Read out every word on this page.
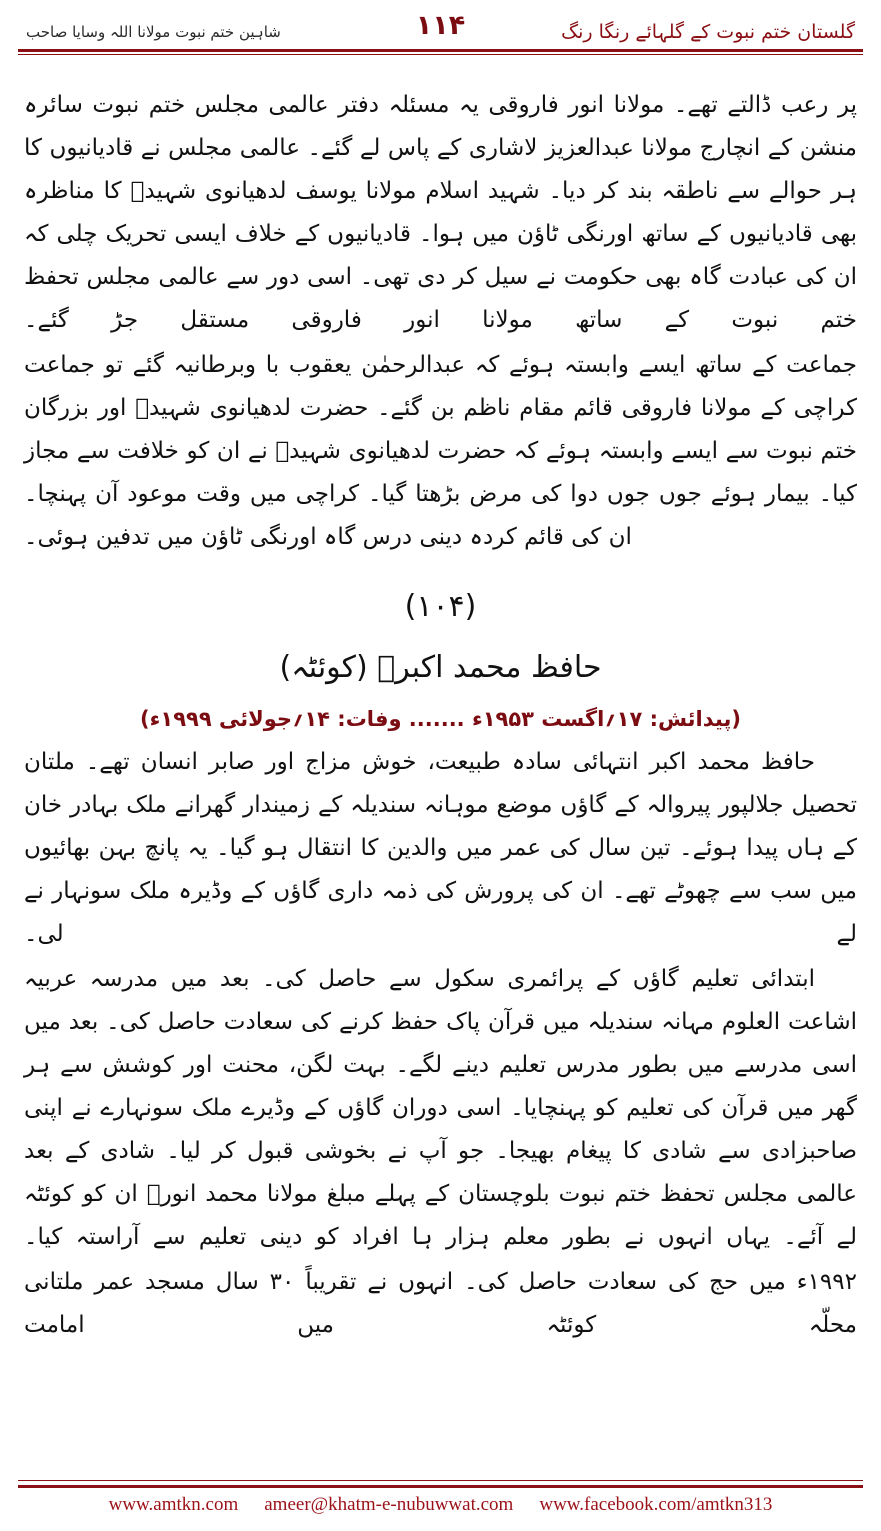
گلستان ختم نبوت کے گلہائے رنگا رنگ
شاہین ختم نبوت مولانا اللہ وسایا صاحب	۱۱۴

پر رعب ڈالتے تھے۔ مولانا انور فاروقی یہ مسئلہ دفتر عالمی مجلس ختم نبوت سائرہ منشن کے انچارج مولانا عبدالعزیز لاشاری کے پاس لے گئے۔ عالمی مجلس نے قادیانیوں کا ہر حوالے سے ناطقہ بند کر دیا۔ شہید اسلام مولانا یوسف لدھیانوی شہیدؒ کا مناظرہ بھی قادیانیوں کے ساتھ اورنگی ٹاؤن میں ہوا۔ قادیانیوں کے خلاف ایسی تحریک چلی کہ ان کی عبادت گاہ بھی حکومت نے سیل کر دی تھی۔ اسی دور سے عالمی مجلس تحفظ ختم نبوت کے ساتھ مولانا انور فاروقی مستقل جڑ گئے۔

جماعت کے ساتھ ایسے وابستہ ہوئے کہ عبدالرحمٰن یعقوب با وبرطانیہ گئے تو جماعت کراچی کے مولانا فاروقی قائم مقام ناظم بن گئے۔ حضرت لدھیانوی شہیدؒ اور بزرگان ختم نبوت سے ایسے وابستہ ہوئے کہ حضرت لدھیانوی شہیدؒ نے ان کو خلافت سے مجاز کیا۔ بیمار ہوئے جوں جوں دوا کی مرض بڑھتا گیا۔ کراچی میں وقت موعود آن پہنچا۔ ان کی قائم کردہ دینی درس گاہ اورنگی ٹاؤن میں تدفین ہوئی۔

(۱۰۴)
حافظ محمد اکبرؒ (کوئٹہ)
(پیدائش: ۱۷؍اگست ۱۹۵۳ء ....... وفات: ۱۴؍جولائی ۱۹۹۹ء)

حافظ محمد اکبر انتہائی سادہ طبیعت، خوش مزاج اور صابر انسان تھے۔ ملتان تحصیل جلالپور پیروالہ کے گاؤں موضع موہانہ سندیلہ کے زمیندار گھرانے ملک بہادر خان کے ہاں پیدا ہوئے۔ تین سال کی عمر میں والدین کا انتقال ہو گیا۔ یہ پانچ بہن بھائیوں میں سب سے چھوٹے تھے۔ ان کی پرورش کی ذمہ داری گاؤں کے وڈیرہ ملک سونہار نے لے لی۔

ابتدائی تعلیم گاؤں کے پرائمری سکول سے حاصل کی۔ بعد میں مدرسہ عربیہ اشاعت العلوم مہانہ سندیلہ میں قرآن پاک حفظ کرنے کی سعادت حاصل کی۔ بعد میں اسی مدرسے میں بطور مدرس تعلیم دینے لگے۔ بہت لگن، محنت اور کوشش سے ہر گھر میں قرآن کی تعلیم کو پہنچایا۔ اسی دوران گاؤں کے وڈیرے ملک سونہارے نے اپنی صاحبزادی سے شادی کا پیغام بھیجا۔ جو آپ نے بخوشی قبول کر لیا۔ شادی کے بعد عالمی مجلس تحفظ ختم نبوت بلوچستان کے پہلے مبلغ مولانا محمد انورؒ ان کو کوئٹہ لے آئے۔ یہاں انہوں نے بطور معلم ہزار ہا افراد کو دینی تعلیم سے آراستہ کیا۔

۱۹۹۲ء میں حج کی سعادت حاصل کی۔ انہوں نے تقریباً ۳۰ سال مسجد عمر ملتانی محلّہ کوئٹہ میں امامت

www.amtkn.com ameer@khatm-e-nubuwwat.com www.facebook.com/amtkn313
